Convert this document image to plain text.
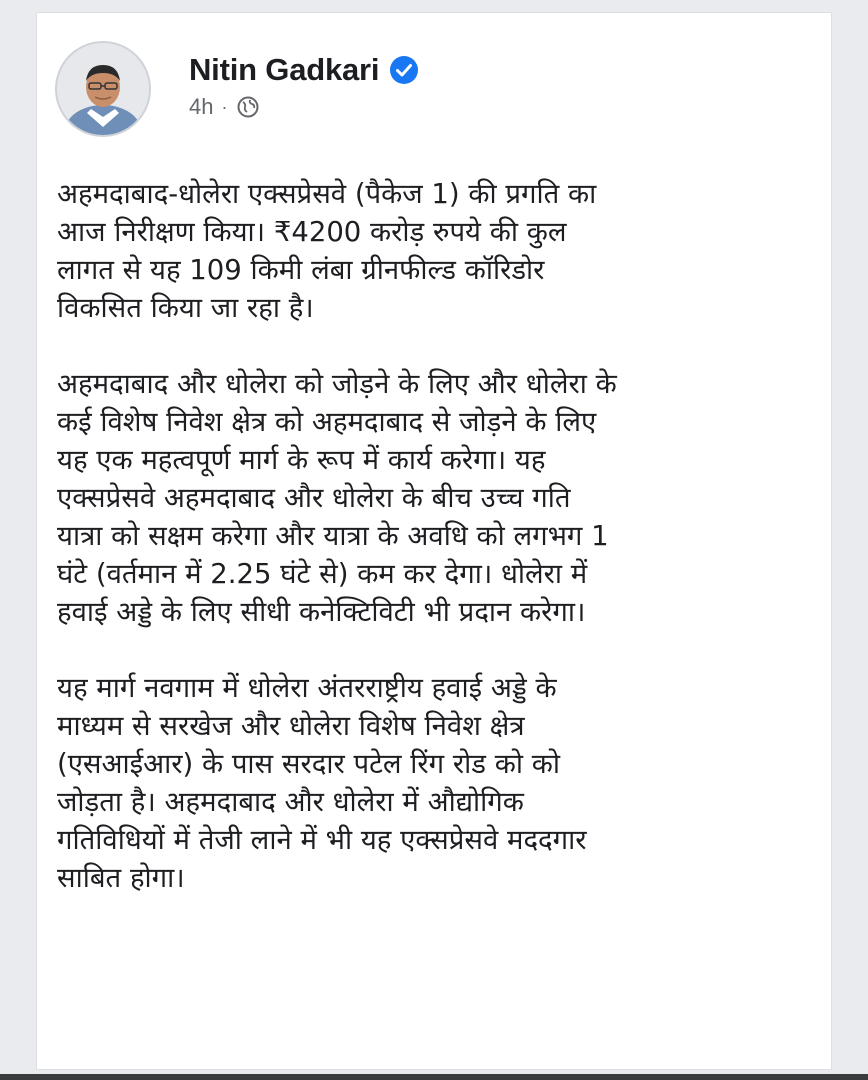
Nitin Gadkari
4h ·

अहमदाबाद-धोलेरा एक्सप्रेसवे (पैकेज 1) की प्रगति का
आज निरीक्षण किया। ₹4200 करोड़ रुपये की कुल
लागत से यह 109 किमी लंबा ग्रीनफील्ड कॉरिडोर
विकसित किया जा रहा है।

अहमदाबाद और धोलेरा को जोड़ने के लिए और धोलेरा के
कई विशेष निवेश क्षेत्र को अहमदाबाद से जोड़ने के लिए
यह एक महत्वपूर्ण मार्ग के रूप में कार्य करेगा। यह
एक्सप्रेसवे अहमदाबाद और धोलेरा के बीच उच्च गति
यात्रा को सक्षम करेगा और यात्रा के अवधि को लगभग 1
घंटे (वर्तमान में 2.25 घंटे से) कम कर देगा। धोलेरा में
हवाई अड्डे के लिए सीधी कनेक्टिविटी भी प्रदान करेगा।

यह मार्ग नवगाम में धोलेरा अंतरराष्ट्रीय हवाई अड्डे के
माध्यम से सरखेज और धोलेरा विशेष निवेश क्षेत्र
(एसआईआर) के पास सरदार पटेल रिंग रोड को को
जोड़ता है। अहमदाबाद और धोलेरा में औद्योगिक
गतिविधियों में तेजी लाने में भी यह एक्सप्रेसवे मददगार
साबित होगा।
